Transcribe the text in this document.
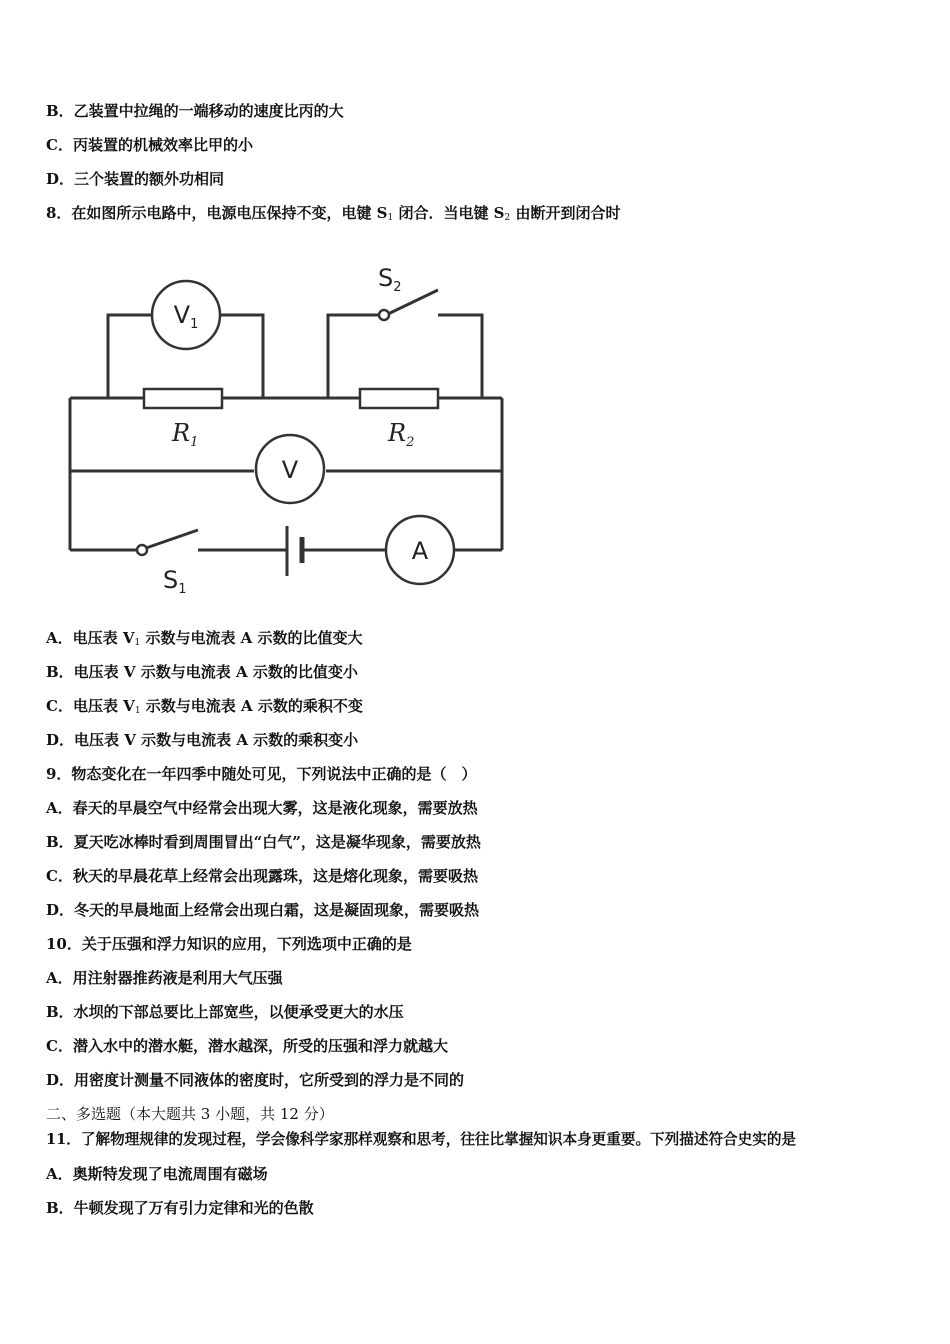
B．乙装置中拉绳的一端移动的速度比丙的大
C．丙装置的机械效率比甲的小
D．三个装置的额外功相同
8．在如图所示电路中，电源电压保持不变，电键 $S_1$ 闭合．当电键 $S_2$ 由断开到闭合时
$V_1$
$S_2$
$R_1$	$R_2$
V
$S_1$
A
A．电压表 $V_1$ 示数与电流表 A 示数的比值变大
B．电压表 V 示数与电流表 A 示数的比值变小
C．电压表 $V_1$ 示数与电流表 A 示数的乘积不变
D．电压表 V 示数与电流表 A 示数的乘积变小
9．物态变化在一年四季中随处可见，下列说法中正确的是（　）
A．春天的早晨空气中经常会出现大雾，这是液化现象，需要放热
B．夏天吃冰棒时看到周围冒出“白气”，这是凝华现象，需要放热
C．秋天的早晨花草上经常会出现露珠，这是熔化现象，需要吸热
D．冬天的早晨地面上经常会出现白霜，这是凝固现象，需要吸热
10．关于压强和浮力知识的应用，下列选项中正确的是
A．用注射器推药液是利用大气压强
B．水坝的下部总要比上部宽些，以便承受更大的水压
C．潜入水中的潜水艇，潜水越深，所受的压强和浮力就越大
D．用密度计测量不同液体的密度时，它所受到的浮力是不同的
二、多选题（本大题共 3 小题，共 12 分）
11．了解物理规律的发现过程，学会像科学家那样观察和思考，往往比掌握知识本身更重要。下列描述符合史实的是
A．奥斯特发现了电流周围有磁场
B．牛顿发现了万有引力定律和光的色散
